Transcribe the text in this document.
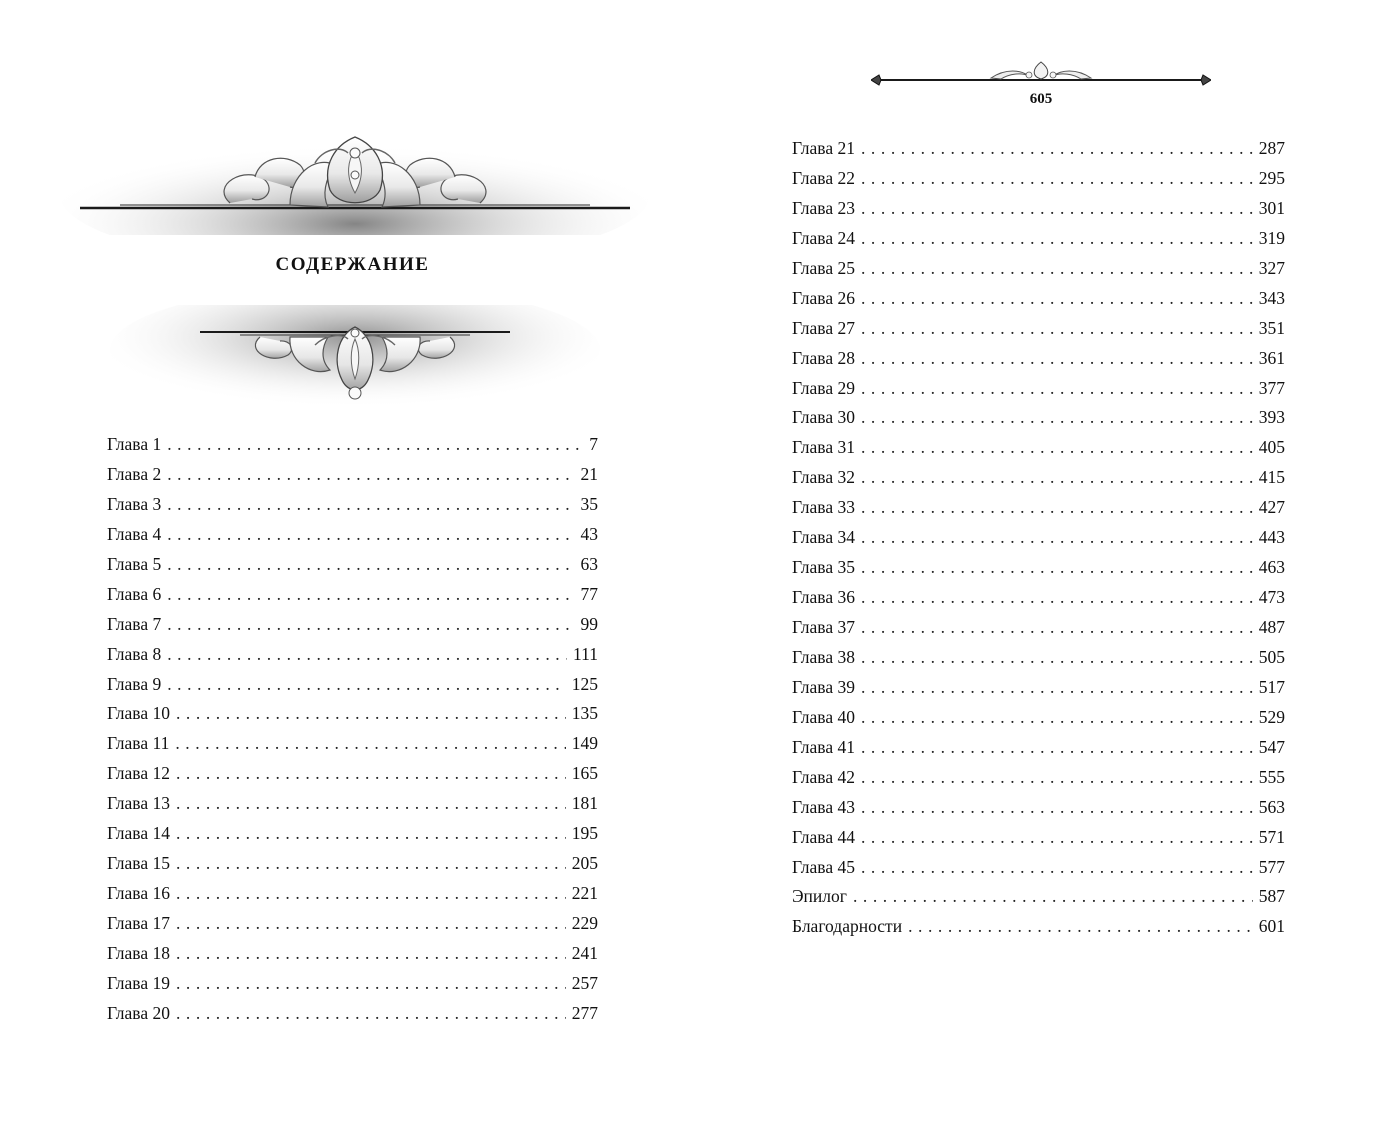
СОДЕРЖАНИЕ
Глава 1 . . .	7
Глава 2 . . .	21
Глава 3 . . .	35
Глава 4 . . .	43
Глава 5 . . .	63
Глава 6 . . .	77
Глава 7 . . .	99
Глава 8 . . .	111
Глава 9 . . .	125
Глава 10 . . .	135
Глава 11 . . .	149
Глава 12 . . .	165
Глава 13 . . .	181
Глава 14 . . .	195
Глава 15 . . .	205
Глава 16 . . .	221
Глава 17 . . .	229
Глава 18 . . .	241
Глава 19 . . .	257
Глава 20 . . .	277
605
Глава 21 . . .	287
Глава 22 . . .	295
Глава 23 . . .	301
Глава 24 . . .	319
Глава 25 . . .	327
Глава 26 . . .	343
Глава 27 . . .	351
Глава 28 . . .	361
Глава 29 . . .	377
Глава 30 . . .	393
Глава 31 . . .	405
Глава 32 . . .	415
Глава 33 . . .	427
Глава 34 . . .	443
Глава 35 . . .	463
Глава 36 . . .	473
Глава 37 . . .	487
Глава 38 . . .	505
Глава 39 . . .	517
Глава 40 . . .	529
Глава 41 . . .	547
Глава 42 . . .	555
Глава 43 . . .	563
Глава 44 . . .	571
Глава 45 . . .	577
Эпилог . . .	587
Благодарности . . .	601
